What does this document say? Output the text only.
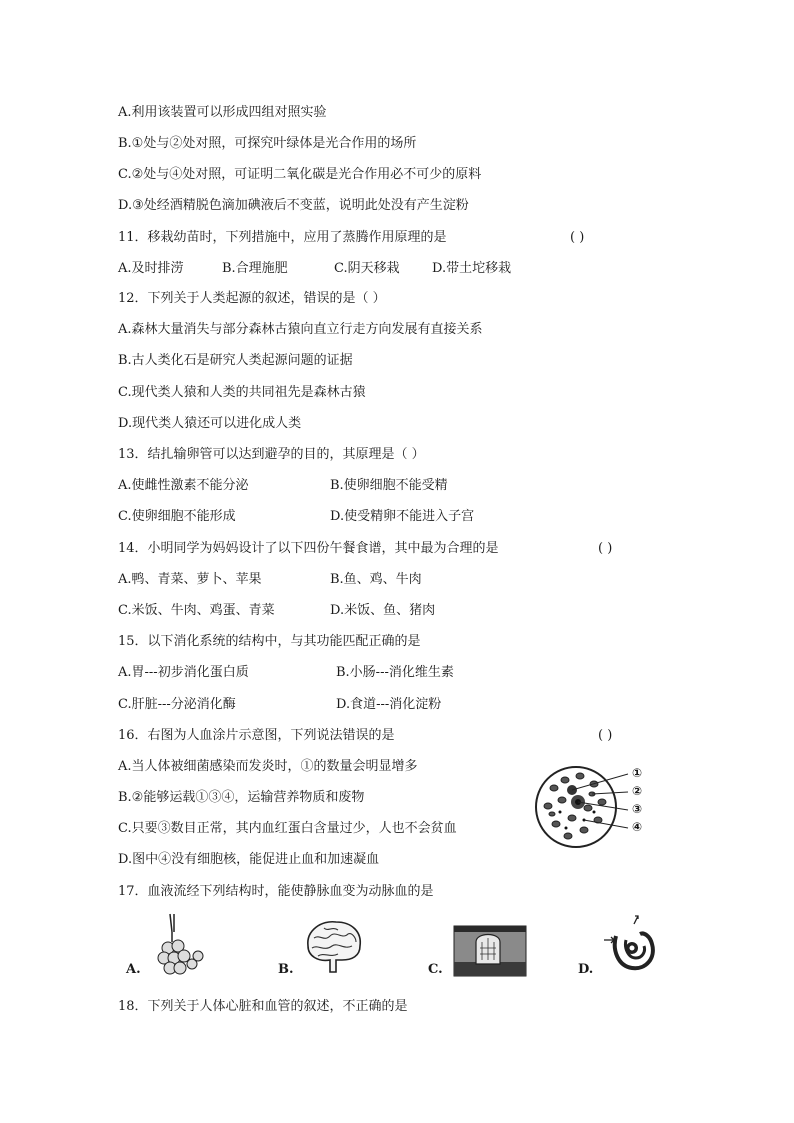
A.利用该装置可以形成四组对照实验
B.①处与②处对照，可探究叶绿体是光合作用的场所
C.②处与④处对照，可证明二氧化碳是光合作用必不可少的原料
D.③处经酒精脱色滴加碘液后不变蓝，说明此处没有产生淀粉
11．移栽幼苗时，下列措施中，应用了蒸腾作用原理的是	( )
A.及时排涝	B.合理施肥	C.阴天移栽 D.带土坨移栽
12．下列关于人类起源的叙述，错误的是（ ）
A.森林大量消失与部分森林古猿向直立行走方向发展有直接关系
B.古人类化石是研究人类起源问题的证据
C.现代类人猿和人类的共同祖先是森林古猿
D.现代类人猿还可以进化成人类
13．结扎输卵管可以达到避孕的目的，其原理是（ ）
A.使雌性激素不能分泌	B.使卵细胞不能受精
C.使卵细胞不能形成	D.使受精卵不能进入子宫
14．小明同学为妈妈设计了以下四份午餐食谱，其中最为合理的是	( )
A.鸭、青菜、萝卜、苹果	B.鱼、鸡、牛肉
C.米饭、牛肉、鸡蛋、青菜	D.米饭、鱼、猪肉
15．以下消化系统的结构中，与其功能匹配正确的是
A.胃---初步消化蛋白质	B.小肠---消化维生素
C.肝脏---分泌消化酶	D.食道---消化淀粉
16．右图为人血涂片示意图，下列说法错误的是	( )
A.当人体被细菌感染而发炎时，①的数量会明显增多
B.②能够运载①③④，运输营养物质和废物
C.只要③数目正常，其内血红蛋白含量过少，人也不会贫血
D.图中④没有细胞核，能促进止血和加速凝血
①
②
③
④
17．血液流经下列结构时，能使静脉血变为动脉血的是
A.	B.	C.	D.
18．下列关于人体心脏和血管的叙述，不正确的是
